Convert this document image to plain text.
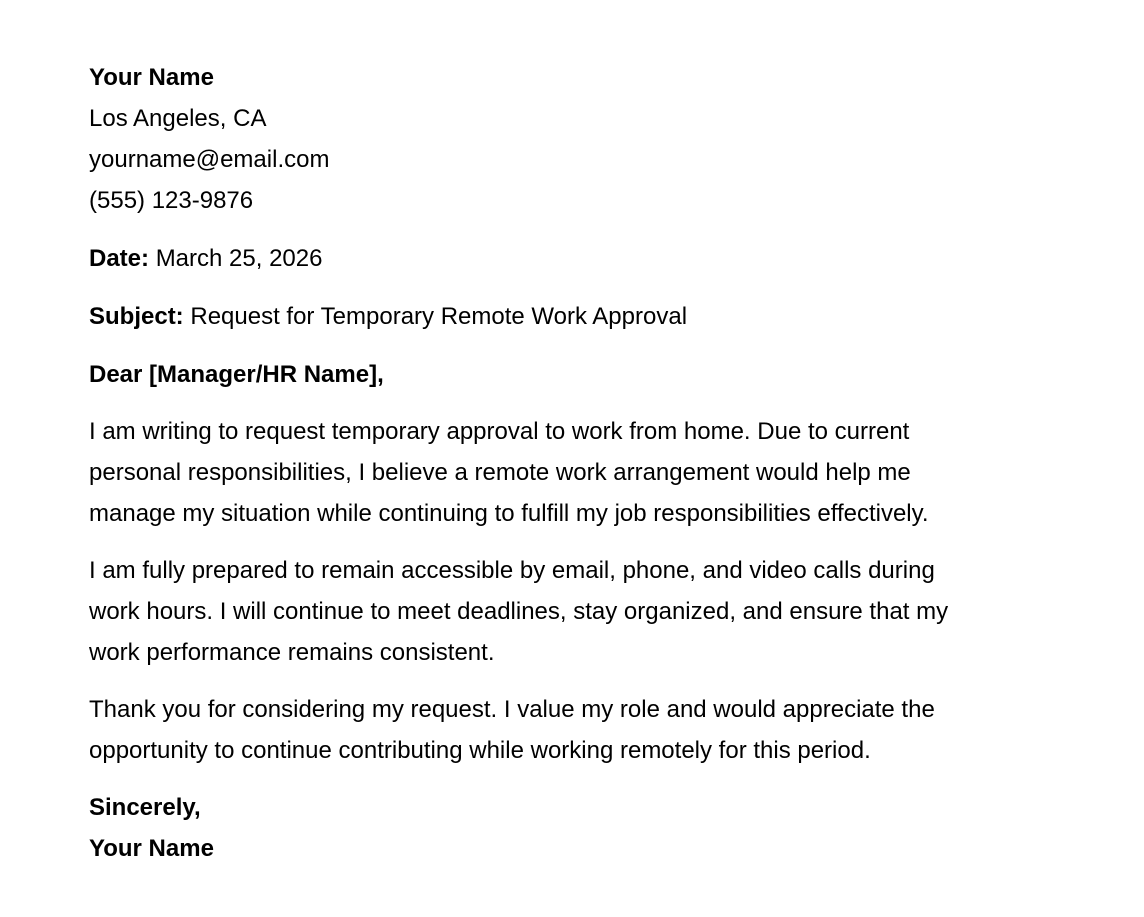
Your Name
Los Angeles, CA
yourname@email.com
(555) 123-9876
Date: March 25, 2026
Subject: Request for Temporary Remote Work Approval
Dear [Manager/HR Name],
I am writing to request temporary approval to work from home. Due to current
personal responsibilities, I believe a remote work arrangement would help me
manage my situation while continuing to fulfill my job responsibilities effectively.
I am fully prepared to remain accessible by email, phone, and video calls during
work hours. I will continue to meet deadlines, stay organized, and ensure that my
work performance remains consistent.
Thank you for considering my request. I value my role and would appreciate the
opportunity to continue contributing while working remotely for this period.
Sincerely,
Your Name
